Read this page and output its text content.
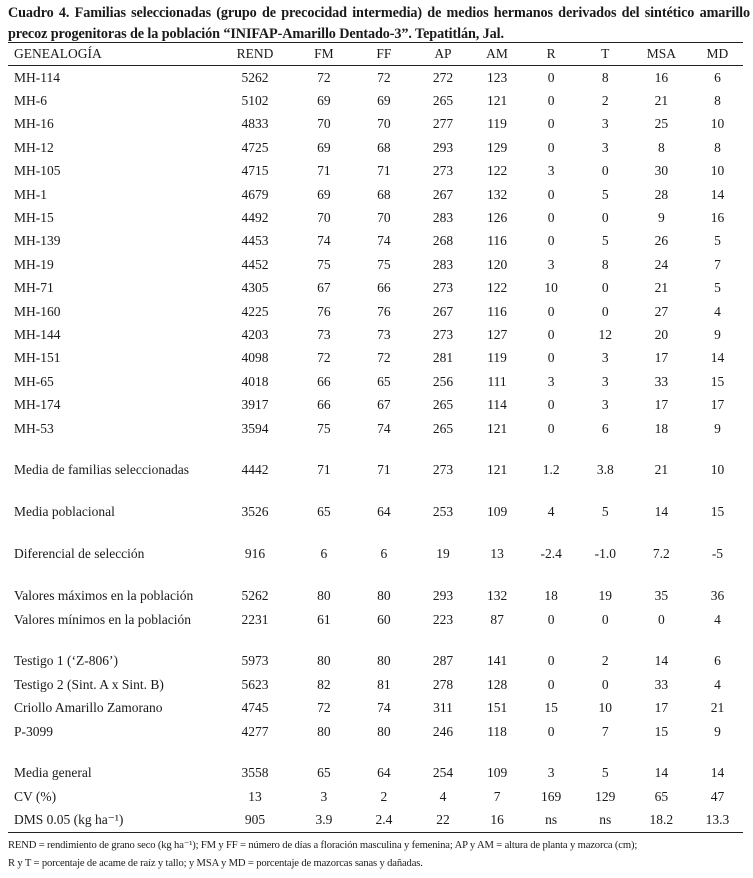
Cuadro 4. Familias seleccionadas (grupo de precocidad intermedia) de medios hermanos derivados del sintético amarillo precoz progenitoras de la población “INIFAP-Amarillo Dentado-3”. Tepatitlán, Jal.
GENEALOGÍA	REND	FM	FF	AP	AM	R	T	MSA	MD
MH-114	5262	72	72	272	123	0	8	16	6
MH-6	5102	69	69	265	121	0	2	21	8
MH-16	4833	70	70	277	119	0	3	25	10
MH-12	4725	69	68	293	129	0	3	8	8
MH-105	4715	71	71	273	122	3	0	30	10
MH-1	4679	69	68	267	132	0	5	28	14
MH-15	4492	70	70	283	126	0	0	9	16
MH-139	4453	74	74	268	116	0	5	26	5
MH-19	4452	75	75	283	120	3	8	24	7
MH-71	4305	67	66	273	122	10	0	21	5
MH-160	4225	76	76	267	116	0	0	27	4
MH-144	4203	73	73	273	127	0	12	20	9
MH-151	4098	72	72	281	119	0	3	17	14
MH-65	4018	66	65	256	111	3	3	33	15
MH-174	3917	66	67	265	114	0	3	17	17
MH-53	3594	75	74	265	121	0	6	18	9
Media de familias seleccionadas	4442	71	71	273	121	1.2	3.8	21	10
Media poblacional	3526	65	64	253	109	4	5	14	15
Diferencial de selección	916	6	6	19	13	-2.4	-1.0	7.2	-5
Valores máximos en la población	5262	80	80	293	132	18	19	35	36
Valores mínimos en la población	2231	61	60	223	87	0	0	0	4
Testigo 1 (‘Z-806’)	5973	80	80	287	141	0	2	14	6
Testigo 2 (Sint. A x Sint. B)	5623	82	81	278	128	0	0	33	4
Criollo Amarillo Zamorano	4745	72	74	311	151	15	10	17	21
P-3099	4277	80	80	246	118	0	7	15	9
Media general	3558	65	64	254	109	3	5	14	14
CV (%)	13	3	2	4	7	169	129	65	47
DMS 0.05 (kg ha⁻¹)	905	3.9	2.4	22	16	ns	ns	18.2	13.3
REND = rendimiento de grano seco (kg ha⁻¹); FM y FF = número de días a floración masculina y femenina; AP y AM = altura de planta y mazorca (cm);
R y T = porcentaje de acame de raíz y tallo; y MSA y MD = porcentaje de mazorcas sanas y dañadas.
